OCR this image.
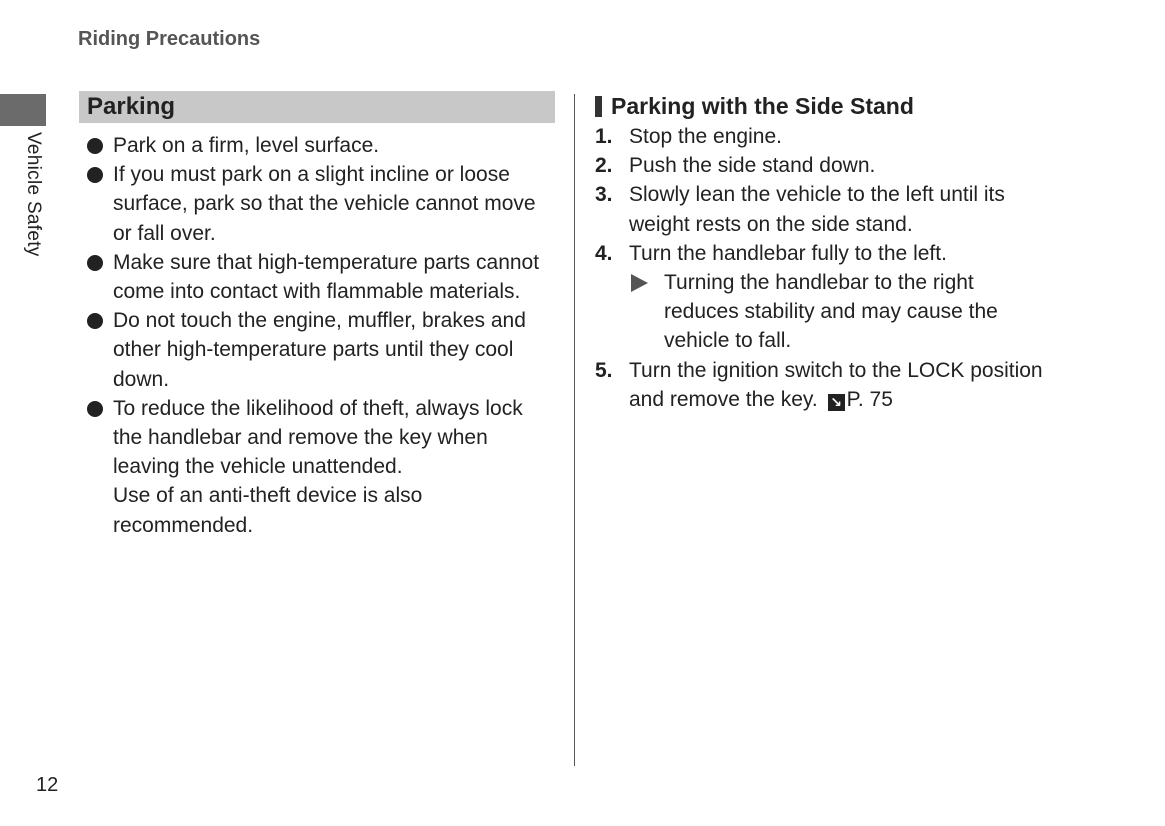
Riding Precautions
Vehicle Safety
Parking
Park on a firm, level surface.
If you must park on a slight incline or loose surface, park so that the vehicle cannot move or fall over.
Make sure that high-temperature parts cannot come into contact with flammable materials.
Do not touch the engine, muffler, brakes and other high-temperature parts until they cool down.
To reduce the likelihood of theft, always lock the handlebar and remove the key when leaving the vehicle unattended.
Use of an anti-theft device is also recommended.
Parking with the Side Stand
1. Stop the engine.
2. Push the side stand down.
3. Slowly lean the vehicle to the left until its weight rests on the side stand.
4. Turn the handlebar fully to the left.
Turning the handlebar to the right reduces stability and may cause the vehicle to fall.
5. Turn the ignition switch to the LOCK position and remove the key. ↘ P. 75
12
